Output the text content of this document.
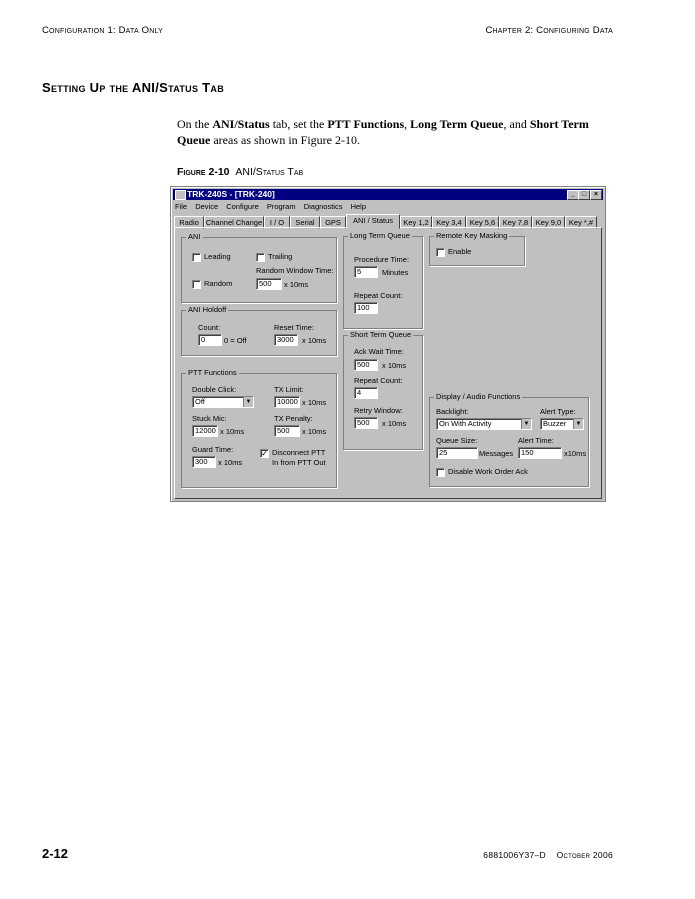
Configuration 1: Data Only	Chapter 2: Configuring Data
Setting Up the ANI/Status Tab
On the ANI/Status tab, set the PTT Functions, Long Term Queue, and Short Term Queue areas as shown in Figure 2-10.
Figure 2-10 ANI/Status Tab
TRK-240S - [TRK-240]	_ □	×
File Device Configure Program Diagnostics Help
Radio Channel Change	I / O	Serial	GPS	ANI / Status	Key 1,2	Key 3,4	Key 5,6	Key 7,8	Key 9,0	Key *,#
ANI
Leading	Trailing
Random Window Time:
Random	500	x 10ms
ANI Holdoff
Count:
0	0 = Off
Reset Time:
3000	x 10ms
PTT Functions
Double Click:
Off	▼
TX Limit:
10000 x 10ms
Stuck Mic:
12000 x 10ms
TX Penalty:
500	x 10ms
Guard Time:
300	x 10ms
✓ Disconnect PTT
In from PTT Out
Long Term Queue
Procedure Time:
5	Minutes
Repeat Count:
100
Short Term Queue
Ack Wait Time:
500	x 10ms
Repeat Count:
4
Retry Window:
500	x 10ms
Remote Key Masking
Enable
Display / Audio Functions
Backlight:
On With Activity	▼
Alert Type:
Buzzer	▼
Queue Size:
25	Messages
Alert Time:
150	x10ms
Disable Work Order Ack
2-12	6881006Y37–D    October 2006
